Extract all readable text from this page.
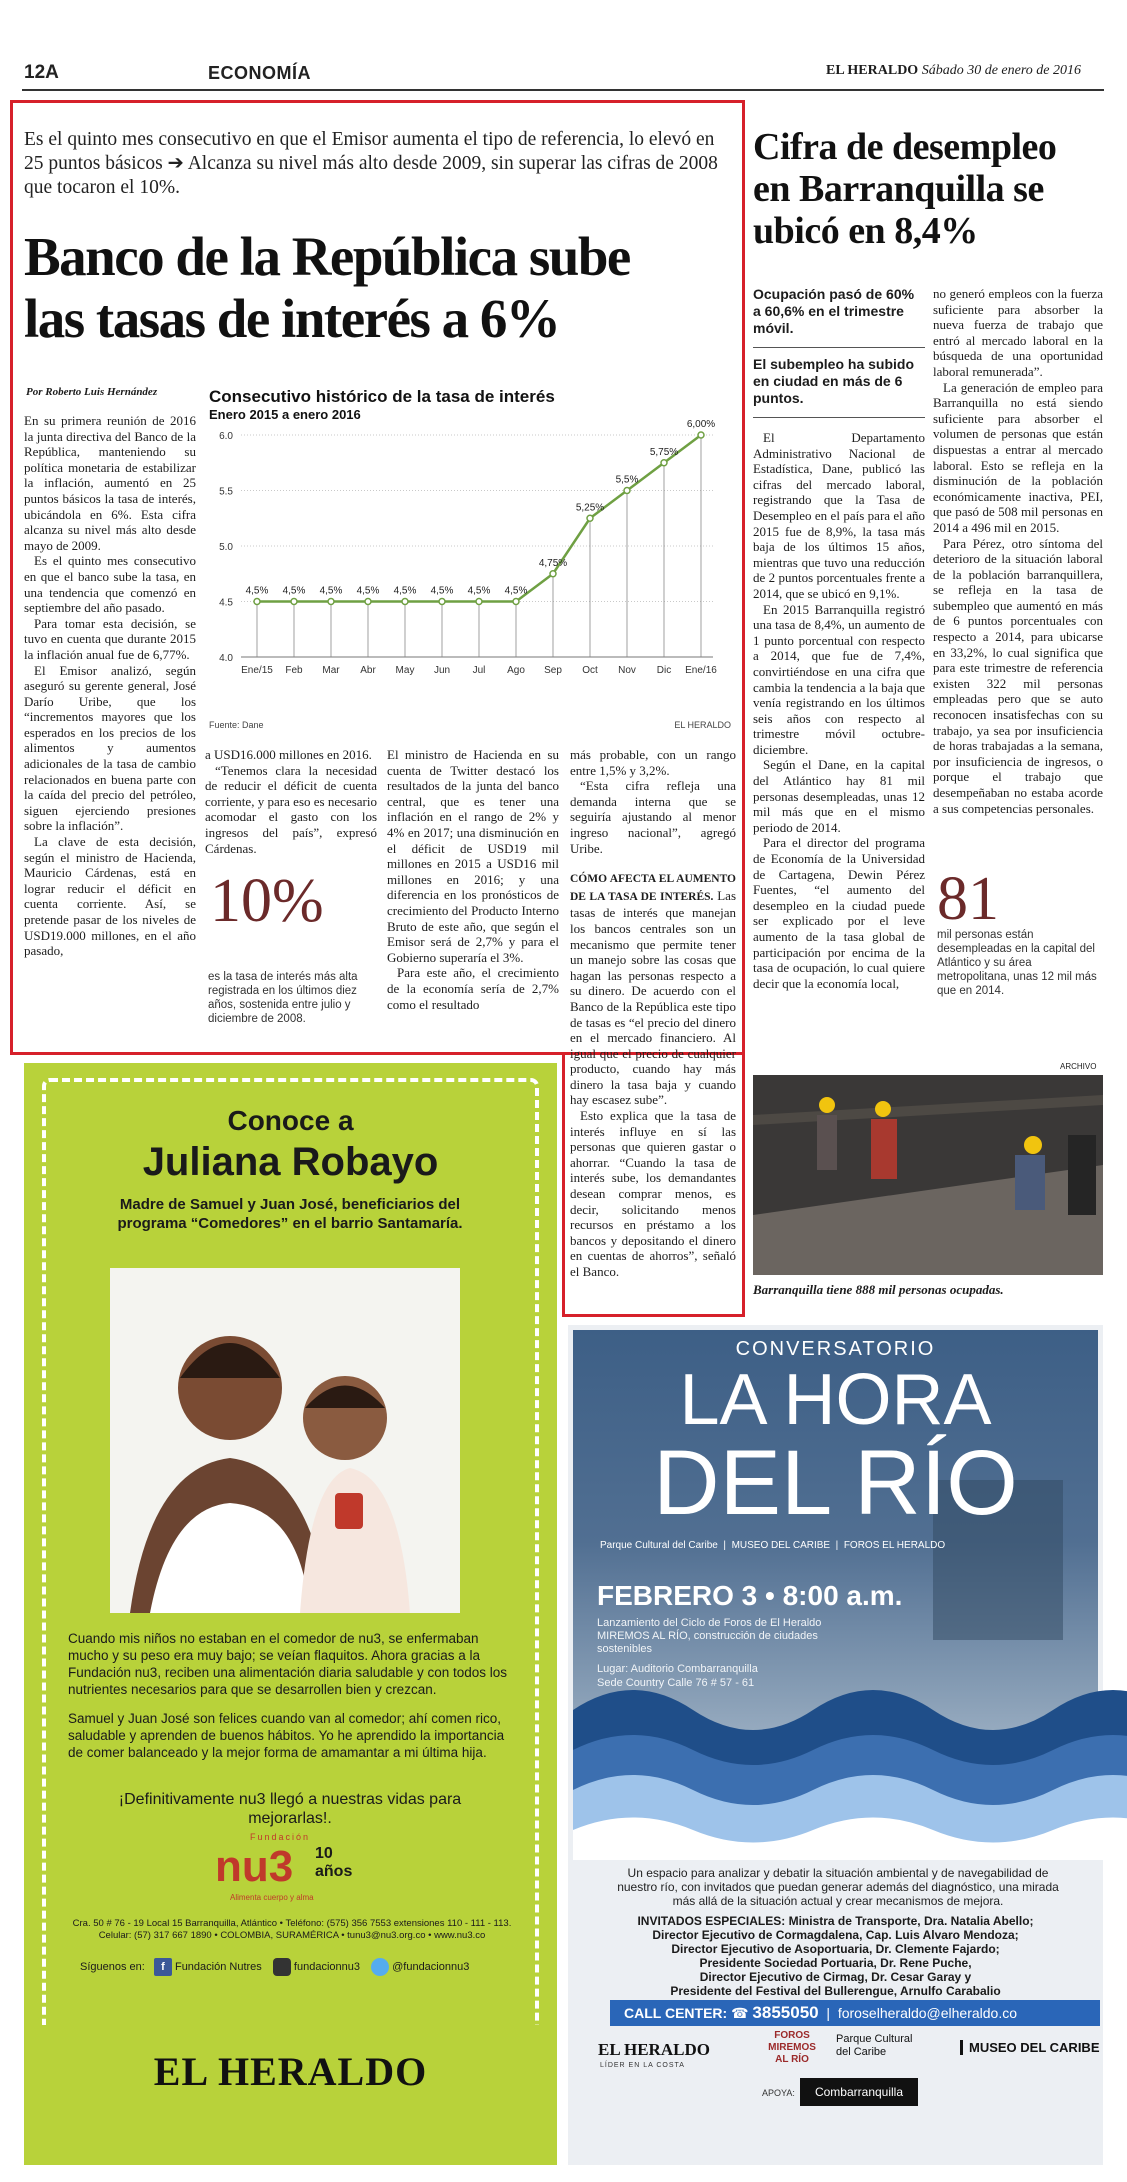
12A	ECONOMÍA	EL HERALDO Sábado 30 de enero de 2016
Es el quinto mes consecutivo en que el Emisor aumenta el tipo de referencia, lo elevó en 25 puntos básicos ➔ Alcanza su nivel más alto desde 2009, sin superar las cifras de 2008 que tocaron el 10%.
Banco de la República sube
las tasas de interés a 6%
Por Roberto Luis Hernández	Consecutivo histórico de la tasa de interés
Enero 2015 a enero 2016
4.0
4.5
5.0
5.5
6.0
4,5%
Ene/15
4,5%
Feb
4,5%
Mar
4,5%
Abr
4,5%
May
4,5%
Jun
4,5%
Jul
4,5%
Ago
4,75%
Sep
5,25%
Oct
5,5%
Nov
5,75%
Dic
6,00%
Ene/16
Fuente: Dane	EL HERALDO

En su primera reunión de 2016 la junta directiva del Banco de la República, manteniendo su política monetaria de estabilizar la inflación, aumentó en 25 puntos básicos la tasa de interés, ubicándola en 6%. Esta cifra alcanza su nivel más alto desde mayo de 2009.

Es el quinto mes consecutivo en que el banco sube la tasa, en una tendencia que comenzó en septiembre del año pasado.

Para tomar esta decisión, se tuvo en cuenta que durante 2015 la inflación anual fue de 6,77%.

El Emisor analizó, según aseguró su gerente general, José Darío Uribe, que los “incrementos mayores que los esperados en los precios de los alimentos y aumentos adicionales de la tasa de cambio relacionados en buena parte con la caída del precio del petróleo, siguen ejerciendo presiones sobre la inflación”.

La clave de esta decisión, según el ministro de Hacienda, Mauricio Cárdenas, está en lograr reducir el déficit en cuenta corriente. Así, se pretende pasar de los niveles de USD19.000 millones, en el año pasado,

a USD16.000 millones en 2016.

“Tenemos clara la necesidad de reducir el déficit de cuenta corriente, y para eso es necesario acomodar el gasto con los ingresos del país”, expresó Cárdenas.

10%
es la tasa de interés más alta registrada en los últimos diez años, sostenida entre julio y diciembre de 2008.

El ministro de Hacienda en su cuenta de Twitter destacó los resultados de la junta del banco central, que es tener una inflación en el rango de 2% y 4% en 2017; una disminución en el déficit de USD19 mil millones en 2015 a USD16 mil millones en 2016; y una diferencia en los pronósticos de crecimiento del Producto Interno Bruto de este año, que según el Emisor será de 2,7% y para el Gobierno superaría el 3%.

Para este año, el crecimiento de la economía sería de 2,7% como el resultado

más probable, con un rango entre 1,5% y 3,2%.

“Esta cifra refleja una demanda interna que se seguiría ajustando al menor ingreso nacional”, agregó Uribe.

CÓMO AFECTA EL AUMENTO DE LA TASA DE INTERÉS. Las tasas de interés que manejan los bancos centrales son un mecanismo que permite tener un manejo sobre las cosas que hagan las personas respecto a su dinero. De acuerdo con el Banco de la República este tipo de tasas es “el precio del dinero en el mercado financiero. Al igual que el precio de cualquier producto, cuando hay más dinero la tasa baja y cuando hay escasez sube”.

Esto explica que la tasa de interés influye en sí las personas que quieren gastar o ahorrar. “Cuando la tasa de interés sube, los demandantes desean comprar menos, es decir, solicitando menos recursos en préstamo a los bancos y depositando el dinero en cuentas de ahorros”, señaló el Banco.

Cifra de desempleo
en Barranquilla se
ubicó en 8,4%
Ocupación pasó de 60% a 60,6% en el trimestre móvil.
El subempleo ha subido en ciudad en más de 6 puntos.

El Departamento Administrativo Nacional de Estadística, Dane, publicó las cifras del mercado laboral, registrando que la Tasa de Desempleo en el país para el año 2015 fue de 8,9%, la tasa más baja de los últimos 15 años, mientras que tuvo una reducción de 2 puntos porcentuales frente a 2014, que se ubicó en 9,1%.

En 2015 Barranquilla registró una tasa de 8,4%, un aumento de 1 punto porcentual con respecto a 2014, que fue de 7,4%, convirtiéndose en una cifra que cambia la tendencia a la baja que venía registrando en los últimos seis años con respecto al trimestre móvil octubre-diciembre.

Según el Dane, en la capital del Atlántico hay 81 mil personas desempleadas, unas 12 mil más que en el mismo periodo de 2014.

Para el director del programa de Economía de la Universidad de Cartagena, Dewin Pérez Fuentes, “el aumento del desempleo en la ciudad puede ser explicado por el leve aumento de la tasa global de participación por encima de la tasa de ocupación, lo cual quiere decir que la economía local,

no generó empleos con la fuerza suficiente para absorber la nueva fuerza de trabajo que entró al mercado laboral en la búsqueda de una oportunidad laboral remunerada”.

La generación de empleo para Barranquilla no está siendo suficiente para absorber el volumen de personas que están dispuestas a entrar al mercado laboral. Esto se refleja en la disminución de la población económicamente inactiva, PEI, que pasó de 508 mil personas en 2014 a 496 mil en 2015.

Para Pérez, otro síntoma del deterioro de la situación laboral de la población barranquillera, se refleja en la tasa de subempleo que aumentó en más de 6 puntos porcentuales con respecto a 2014, para ubicarse en 33,2%, lo cual significa que para este trimestre de referencia existen 322 mil personas empleadas pero que se auto reconocen insatisfechas con su trabajo, ya sea por insuficiencia de horas trabajadas a la semana, por insuficiencia de ingresos, o porque el trabajo que desempeñaban no estaba acorde a sus competencias personales.

81
mil personas están desempleadas en la capital del Atlántico y su área metropolitana, unas 12 mil más que en 2014.
ARCHIVO
Barranquilla tiene 888 mil personas ocupadas.
Conoce a
Juliana Robayo
Madre de Samuel y Juan José, beneficiarios del programa “Comedores” en el barrio Santamaría.
Cuando mis niños no estaban en el comedor de nu3, se enfermaban mucho y su peso era muy bajo; se veían flaquitos. Ahora gracias a la Fundación nu3, reciben una alimentación diaria saludable y con todos los nutrientes necesarios para que se desarrollen bien y crezcan.
Samuel y Juan José son felices cuando van al comedor; ahí comen rico, saludable y aprenden de buenos hábitos. Yo he aprendido la importancia de comer balanceado y la mejor forma de amamantar a mi última hija.
¡Definitivamente nu3 llegó a nuestras vidas para mejorarlas!.
Fundación
nu3 10 años
Alimenta cuerpo y alma
Cra. 50 # 76 - 19 Local 15 Barranquilla, Atlántico • Teléfono: (575) 356 7553 extensiones 110 - 111 - 113. Celular: (57) 317 667 1890 • COLOMBIA, SURAMÉRICA • tunu3@nu3.org.co • www.nu3.co
Síguenos en: f Fundación Nutres	fundacionnu3	@fundacionnu3
EL HERALDO
CONVERSATORIO
LA HORA
DEL RÍO
Parque Cultural del Caribe  |  MUSEO DEL CARIBE  |  FOROS EL HERALDO
FEBRERO 3 • 8:00 a.m.
Lanzamiento del Ciclo de Foros de El Heraldo MIREMOS AL RÍO, construcción de ciudades sostenibles
Lugar: Auditorio Combarranquilla
Sede Country Calle 76 # 57 - 61
Un espacio para analizar y debatir la situación ambiental y de navegabilidad de nuestro río, con invitados que puedan generar además del diagnóstico, una mirada más allá de la situación actual y crear mecanismos de mejora.
INVITADOS ESPECIALES: Ministra de Transporte, Dra. Natalia Abello;
Director Ejecutivo de Cormagdalena, Cap. Luis Alvaro Mendoza;
Director Ejecutivo de Asoportuaria, Dr. Clemente Fajardo;
Presidente Sociedad Portuaria, Dr. Rene Puche,
Director Ejecutivo de Cirmag, Dr. Cesar Garay y
Presidente del Festival del Bullerengue, Arnulfo Carabalio
CALL CENTER: ☎ 3855050  |  foroselheraldo@elheraldo.co
EL HERALDO
LÍDER EN LA COSTA
FOROS MIREMOS AL RÍO
Parque Cultural del Caribe	MUSEO DEL CARIBE
APOYA:	Combarranquilla
